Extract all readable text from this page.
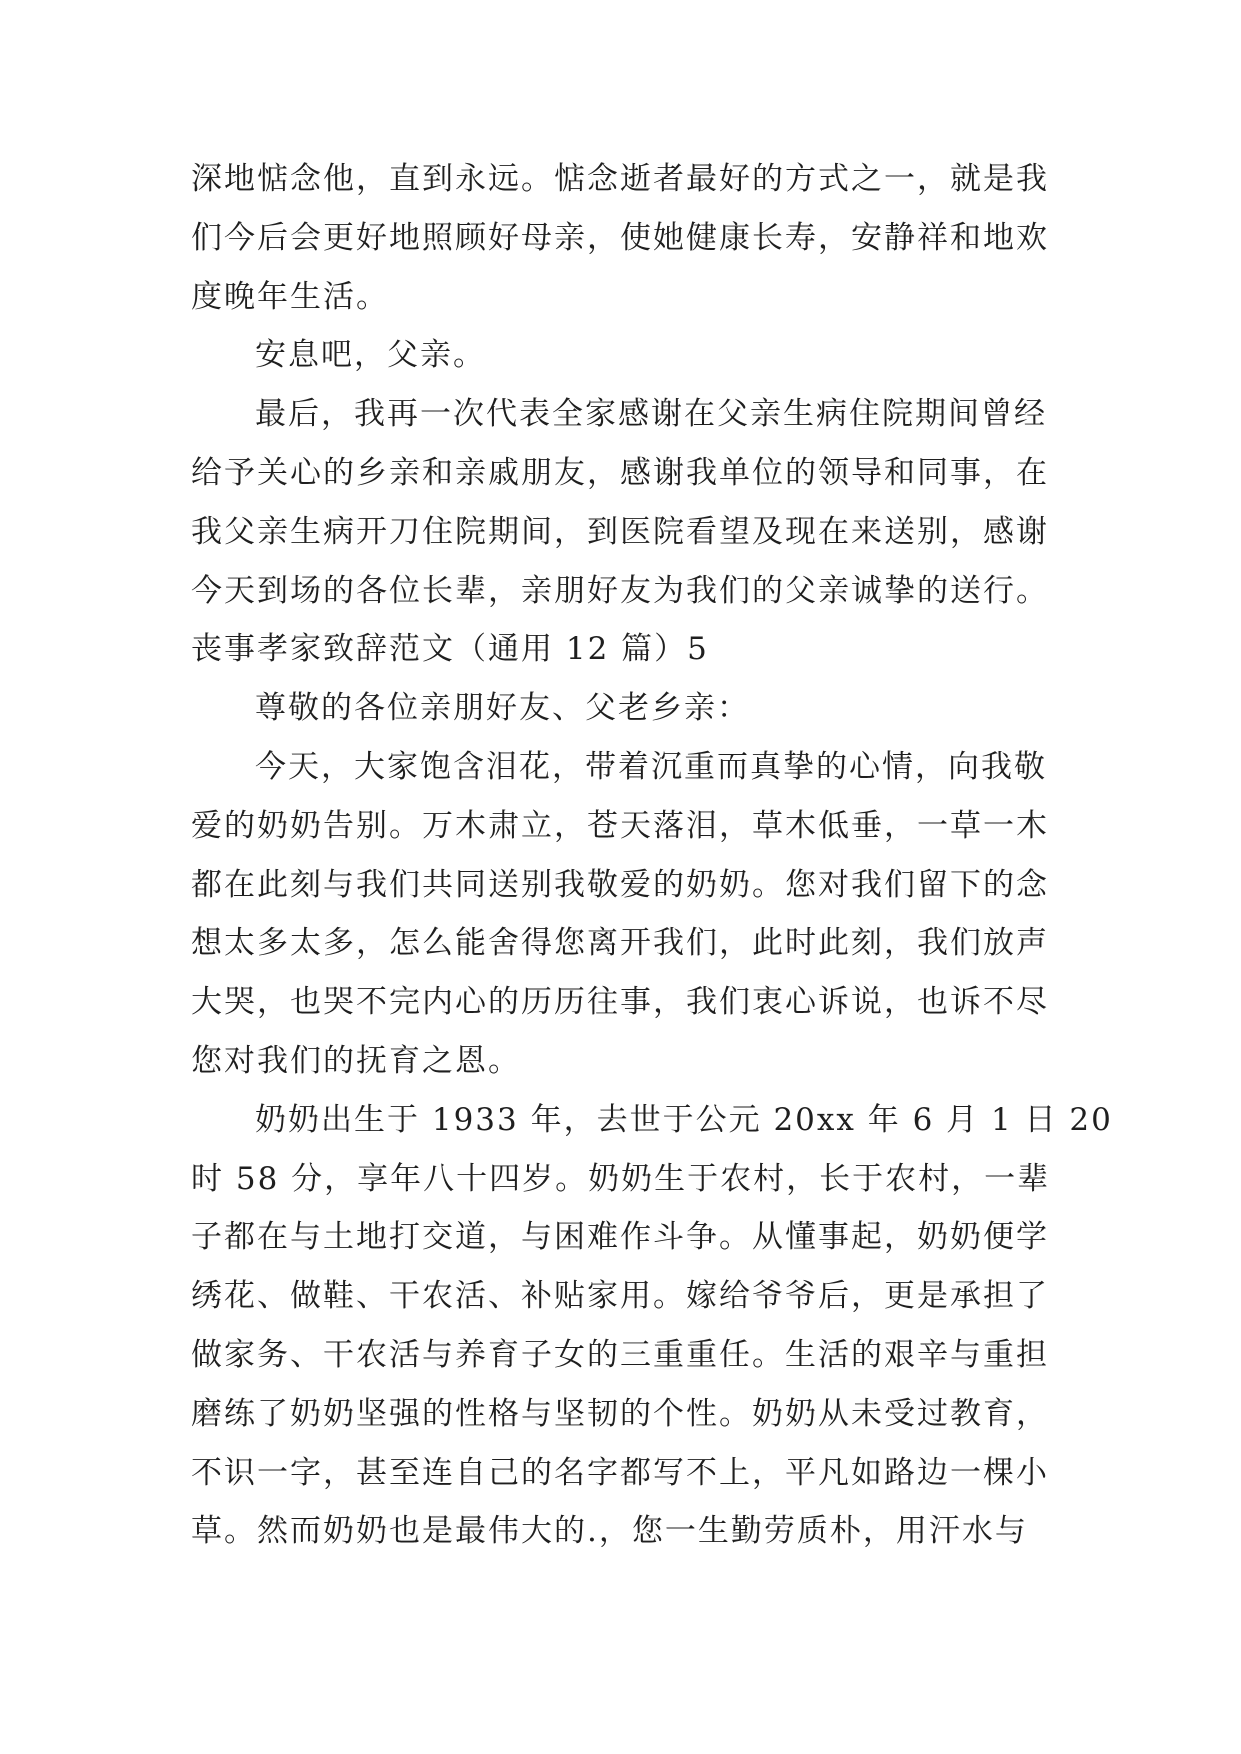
深地惦念他，直到永远。惦念逝者最好的方式之一，就是我
们今后会更好地照顾好母亲，使她健康长寿，安静祥和地欢
度晚年生活。
安息吧，父亲。
最后，我再一次代表全家感谢在父亲生病住院期间曾经
给予关心的乡亲和亲戚朋友，感谢我单位的领导和同事，在
我父亲生病开刀住院期间，到医院看望及现在来送别，感谢
今天到场的各位长辈，亲朋好友为我们的父亲诚挚的送行。
丧事孝家致辞范文（通用 12 篇）5
尊敬的各位亲朋好友、父老乡亲：
今天，大家饱含泪花，带着沉重而真挚的心情，向我敬
爱的奶奶告别。万木肃立，苍天落泪，草木低垂，一草一木
都在此刻与我们共同送别我敬爱的奶奶。您对我们留下的念
想太多太多，怎么能舍得您离开我们，此时此刻，我们放声
大哭，也哭不完内心的历历往事，我们衷心诉说，也诉不尽
您对我们的抚育之恩。
奶奶出生于 1933 年，去世于公元 20xx 年 6 月 1 日 20
时 58 分，享年八十四岁。奶奶生于农村，长于农村，一辈
子都在与土地打交道，与困难作斗争。从懂事起，奶奶便学
绣花、做鞋、干农活、补贴家用。嫁给爷爷后，更是承担了
做家务、干农活与养育子女的三重重任。生活的艰辛与重担
磨练了奶奶坚强的性格与坚韧的个性。奶奶从未受过教育，
不识一字，甚至连自己的名字都写不上，平凡如路边一棵小
草。然而奶奶也是最伟大的.，您一生勤劳质朴，用汗水与
